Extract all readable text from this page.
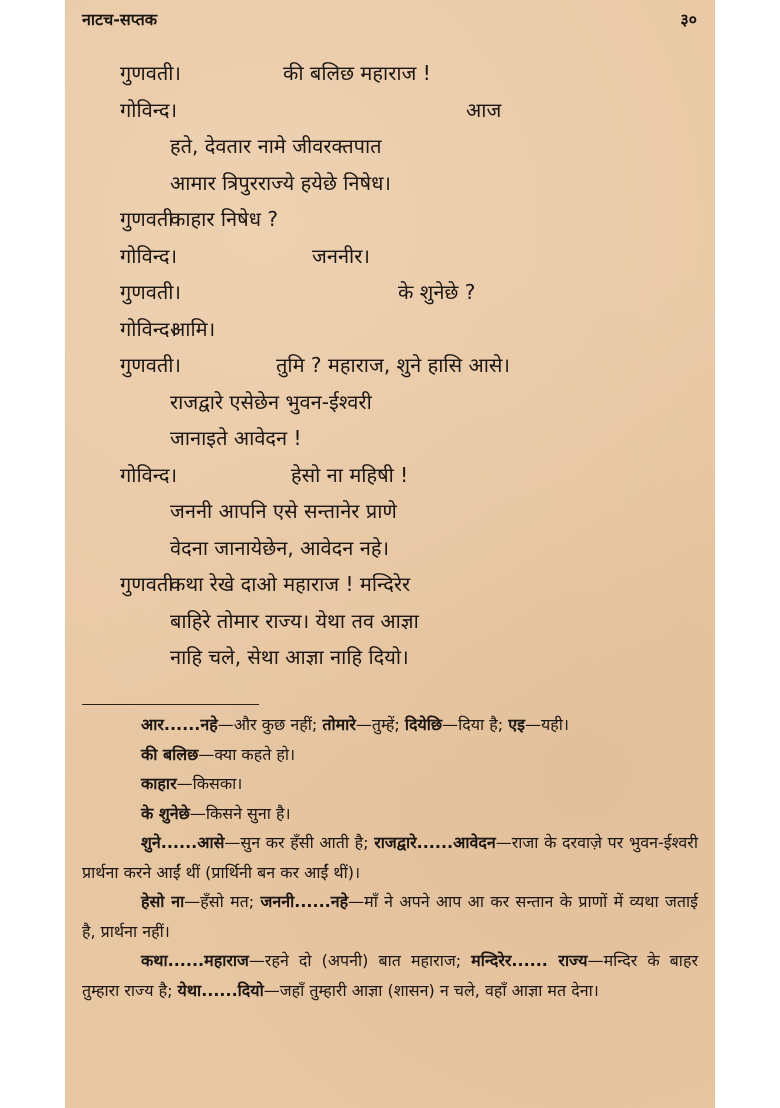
नाटच-सप्तक	३०
गुणवती।	की बलिछ महाराज !
गोविन्द।	आज
हते, देवतार नामे जीवरक्तपात
आमार त्रिपुरराज्ये हयेछे निषेध।
गुणवती।
काहार निषेध ?
गोविन्द।	जननीर।
गुणवती।	के शुनेछे ?
गोविन्द।
आमि।
गुणवती।	तुमि ? महाराज, शुने हासि आसे।
राजद्वारे एसेछेन भुवन-ईश्वरी
जानाइते आवेदन !
गोविन्द।	हेसो ना महिषी !
जननी आपनि एसे सन्तानेर प्राणे
वेदना जानायेछेन, आवेदन नहे।
गुणवती।
कथा रेखे दाओ महाराज ! मन्दिरेर
बाहिरे तोमार राज्य। येथा तव आज्ञा
नाहि चले, सेथा आज्ञा नाहि दियो।
आर......नहे—और कुछ नहीं; तोमारे—तुम्हें; दियेछि—दिया है; एइ—यही।
की बलिछ—क्या कहते हो।
काहार—किसका।
के शुनेछे—किसने सुना है।
शुने......आसे—सुन कर हँसी आती है; राजद्वारे......आवेदन—राजा के दरवाज़े पर भुवन-ईश्वरी प्रार्थना करने आईं थीं (प्रार्थिनी बन कर आईं थीं)।
हेसो ना—हँसो मत; जननी......नहे—माँ ने अपने आप आ कर सन्तान के प्राणों में व्यथा जताई है, प्रार्थना नहीं।
कथा......महाराज—रहने दो (अपनी) बात महाराज; मन्दिरेर...... राज्य—मन्दिर के बाहर तुम्हारा राज्य है; येथा......दियो—जहाँ तुम्हारी आज्ञा (शासन) न चले, वहाँ आज्ञा मत देना।
